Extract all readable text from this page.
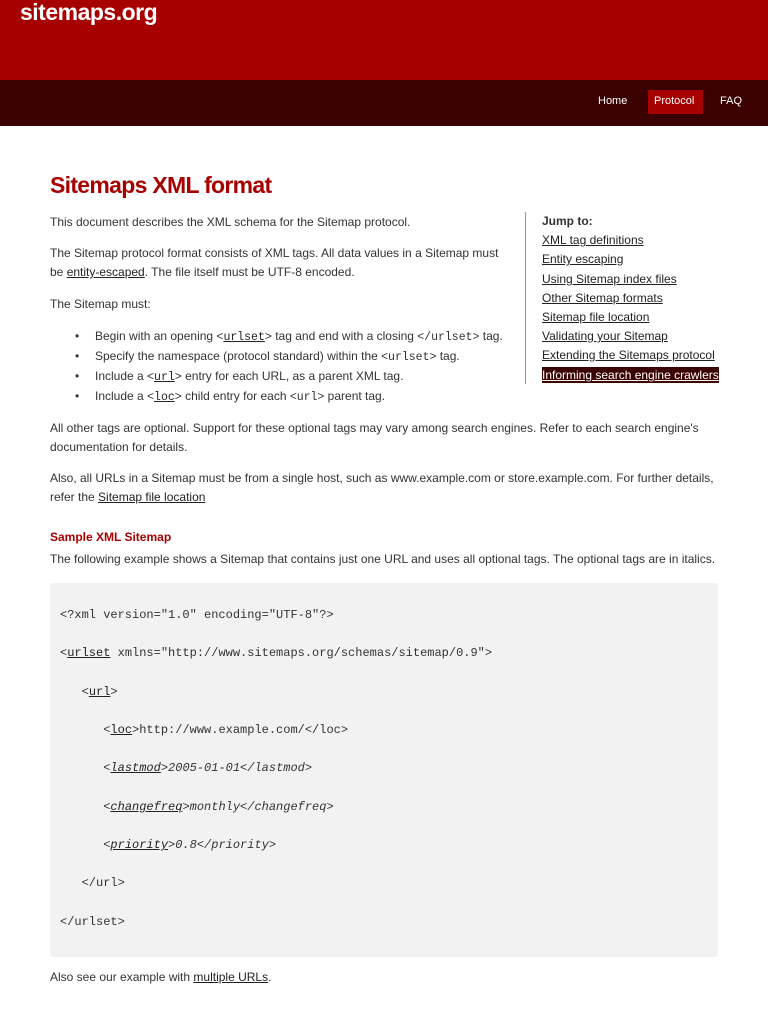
sitemaps.org
Home	Protocol	FAQ
Sitemaps XML format

This document describes the XML schema for the Sitemap protocol.

The Sitemap protocol format consists of XML tags. All data values in a Sitemap must be entity-escaped. The file itself must be UTF-8 encoded.

The Sitemap must:

• Begin with an opening <urlset> tag and end with a closing </urlset> tag.
• Specify the namespace (protocol standard) within the <urlset> tag.
• Include a <url> entry for each URL, as a parent XML tag.
• Include a <loc> child entry for each <url> parent tag.
Jump to:
XML tag definitions
Entity escaping
Using Sitemap index files
Other Sitemap formats
Sitemap file location
Validating your Sitemap
Extending the Sitemaps protocol
Informing search engine crawlers

All other tags are optional. Support for these optional tags may vary among search engines. Refer to each search engine's documentation for details.

Also, all URLs in a Sitemap must be from a single host, such as www.example.com or store.example.com. For further details, refer the Sitemap file location

Sample XML Sitemap

The following example shows a Sitemap that contains just one URL and uses all optional tags. The optional tags are in italics.

<?xml version="1.0" encoding="UTF-8"?>
<urlset xmlns="http://www.sitemaps.org/schemas/sitemap/0.9">
<url>
<loc>http://www.example.com/</loc>
<lastmod>2005-01-01</lastmod>
<changefreq>monthly</changefreq>
<priority>0.8</priority>
</url>
</urlset>

Also see our example with multiple URLs.
